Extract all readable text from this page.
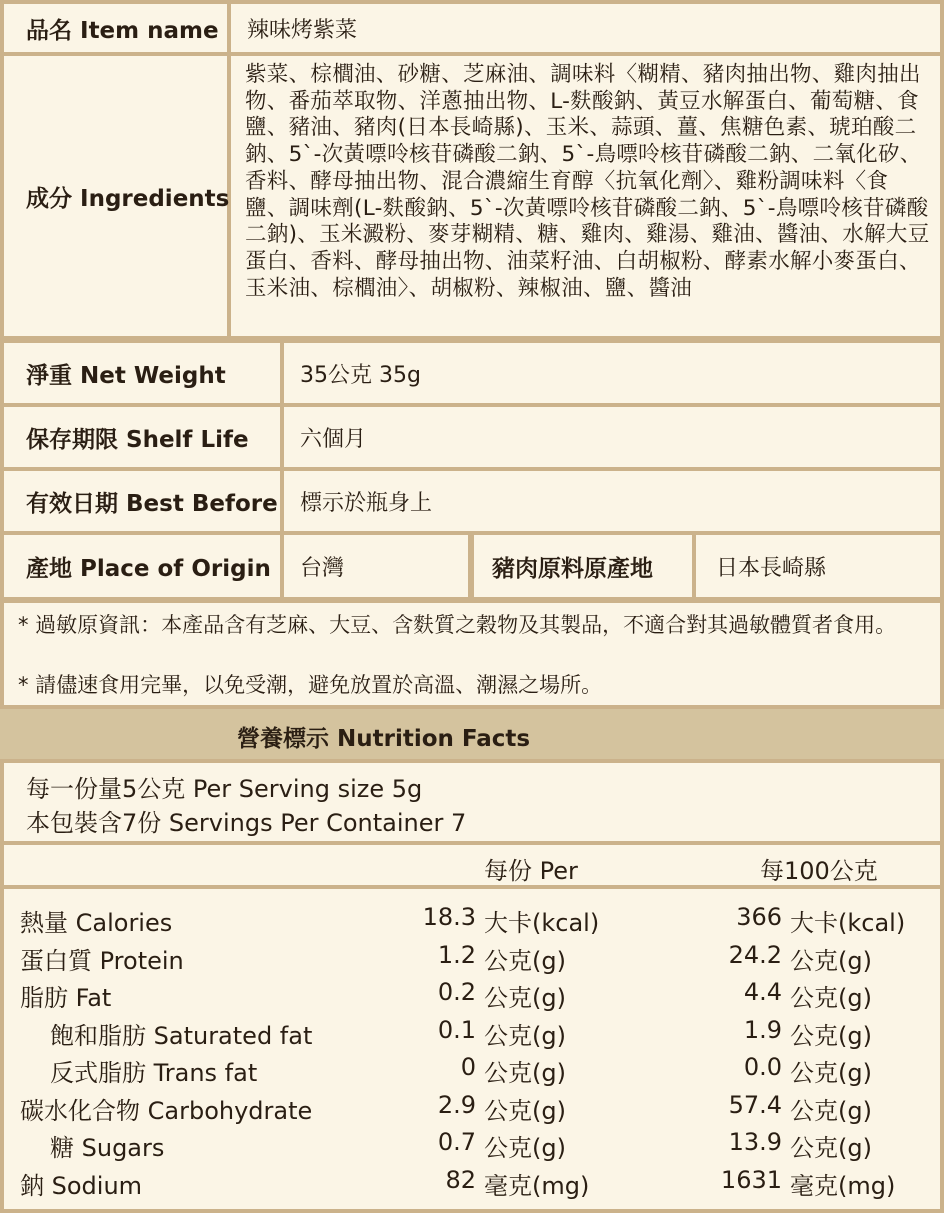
品名 Item name	辣味烤紫菜
成分 Ingredients
紫菜、棕櫚油、砂糖、芝麻油、調味料〈糊精、豬肉抽出物、雞肉抽出物、番茄萃取物、洋蔥抽出物、L-麩酸鈉、黃豆水解蛋白、葡萄糖、食鹽、豬油、豬肉(日本長崎縣)、玉米、蒜頭、薑、焦糖色素、琥珀酸二鈉、5`-次黃嘌呤核苷磷酸二鈉、5`-鳥嘌呤核苷磷酸二鈉、二氧化矽、香料、酵母抽出物、混合濃縮生育醇〈抗氧化劑〉、雞粉調味料〈食鹽、調味劑(L-麩酸鈉、5`-次黃嘌呤核苷磷酸二鈉、5`-鳥嘌呤核苷磷酸二鈉)、玉米澱粉、麥芽糊精、糖、雞肉、雞湯、雞油、醬油、水解大豆蛋白、香料、酵母抽出物、油菜籽油、白胡椒粉、酵素水解小麥蛋白、玉米油、棕櫚油〉、胡椒粉、辣椒油、鹽、醬油
淨重 Net Weight	35公克 35g
保存期限 Shelf Life	六個月
有效日期 Best Before	標示於瓶身上
產地 Place of Origin	台灣	豬肉原料原產地	日本長崎縣
* 過敏原資訊：本產品含有芝麻、大豆、含麩質之穀物及其製品，不適合對其過敏體質者食用。
* 請儘速食用完畢，以免受潮，避免放置於高溫、潮濕之場所。
營養標示 Nutrition Facts
每一份量5公克 Per Serving size 5g
本包裝含7份 Servings Per Container 7
每份 Per	每100公克
熱量 Calories	18.3 大卡(kcal)	366 大卡(kcal)
蛋白質 Protein	1.2 公克(g)	24.2 公克(g)
脂肪 Fat	0.2 公克(g)	4.4 公克(g)
飽和脂肪 Saturated fat	0.1 公克(g)	1.9 公克(g)
反式脂肪 Trans fat	0 公克(g)	0.0 公克(g)
碳水化合物 Carbohydrate	2.9 公克(g)	57.4 公克(g)
糖 Sugars	0.7 公克(g)	13.9 公克(g)
鈉 Sodium	82 毫克(mg)	1631 毫克(mg)
